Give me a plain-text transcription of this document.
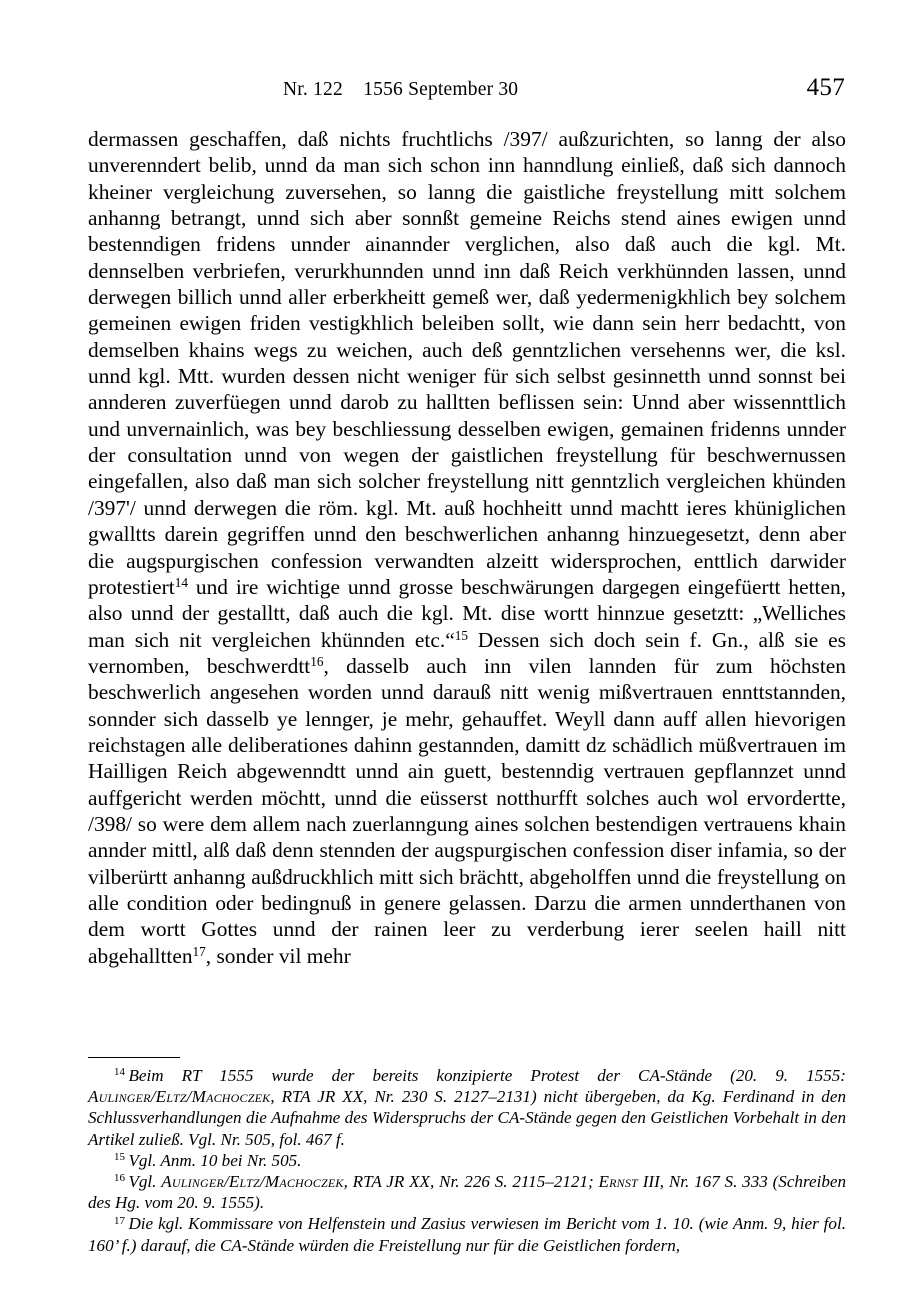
Nr. 122    1556 September 30	457

dermassen geschaffen, daß nichts fruchtlichs /397/ außzurichten, so lanng der also unverenndert belib, unnd da man sich schon inn hanndlung einließ, daß sich dannoch kheiner vergleichung zuversehen, so lanng die gaistliche freystellung mitt solchem anhanng betrangt, unnd sich aber sonnßt gemeine Reichs stend aines ewigen unnd bestenndigen fridens unnder ainannder verglichen, also daß auch die kgl. Mt. dennselben verbriefen, verurkhunnden unnd inn daß Reich verkhünnden lassen, unnd derwegen billich unnd aller erberkheitt gemeß wer, daß yedermenigkhlich bey solchem gemeinen ewigen friden vestigkhlich beleiben sollt, wie dann sein herr bedachtt, von demselben khains wegs zu weichen, auch deß genntzlichen versehenns wer, die ksl. unnd kgl. Mtt. wurden dessen nicht weniger für sich selbst gesinnetth unnd sonnst bei annderen zuverfüegen unnd darob zu halltten beflissen sein: Unnd aber wissennttlich und unvernainlich, was bey beschliessung desselben ewigen, gemainen fridenns unnder der consultation unnd von wegen der gaistlichen freystellung für beschwernussen eingefallen, also daß man sich solcher freystellung nitt genntzlich vergleichen khünden /397'/ unnd derwegen die röm. kgl. Mt. auß hochheitt unnd machtt ieres khüniglichen gwalltts darein gegriffen unnd den beschwerlichen anhanng hinzuegesetzt, denn aber die augspurgischen confession verwandten alzeitt widersprochen, enttlich darwider protestiert$^{14}$ und ire wichtige unnd grosse beschwärungen dargegen eingefüertt hetten, also unnd der gestalltt, daß auch die kgl. Mt. dise wortt hinnzue gesetztt: „Welliches man sich nit vergleichen khünnden etc.“$^{15}$ Dessen sich doch sein f. Gn., alß sie es vernomben, beschwerdtt$^{16}$, dasselb auch inn vilen lannden für zum höchsten beschwerlich angesehen worden unnd darauß nitt wenig mißvertrauen ennttstannden, sonnder sich dasselb ye lennger, je mehr, gehauffet. Weyll dann auff allen hievorigen reichstagen alle deliberationes dahinn gestannden, damitt dz schädlich müßvertrauen im Hailligen Reich abgewenndtt unnd ain guett, bestenndig vertrauen gepflannzet unnd auffgericht werden möchtt, unnd die eüsserst notthurfft solches auch wol ervordertte, /398/ so were dem allem nach zuerlanngung aines solchen bestendigen vertrauens khain annder mittl, alß daß denn stennden der augspurgischen confession diser infamia, so der vilberürtt anhanng außdruckhlich mitt sich brächtt, abgeholffen unnd die freystellung on alle condition oder bedingnuß in genere gelassen. Darzu die armen unnderthanen von dem wortt Gottes unnd der rainen leer zu verderbung ierer seelen haill nitt abgehalltten$^{17}$, sonder vil mehr

$^{14}$ Beim RT 1555 wurde der bereits konzipierte Protest der CA-Stände (20. 9. 1555: Aulinger/Eltz/Machoczek, RTA JR XX, Nr. 230 S. 2127–2131) nicht übergeben, da Kg. Ferdinand in den Schlussverhandlungen die Aufnahme des Widerspruchs der CA-Stände gegen den Geistlichen Vorbehalt in den Artikel zuließ. Vgl. Nr. 505, fol. 467 f.

$^{15}$ Vgl. Anm. 10 bei Nr. 505.

$^{16}$ Vgl. Aulinger/Eltz/Machoczek, RTA JR XX, Nr. 226 S. 2115–2121; Ernst III, Nr. 167 S. 333 (Schreiben des Hg. vom 20. 9. 1555).

$^{17}$ Die kgl. Kommissare von Helfenstein und Zasius verwiesen im Bericht vom 1. 10. (wie Anm. 9, hier fol. 160’ f.) darauf, die CA-Stände würden die Freistellung nur für die Geistlichen fordern,
